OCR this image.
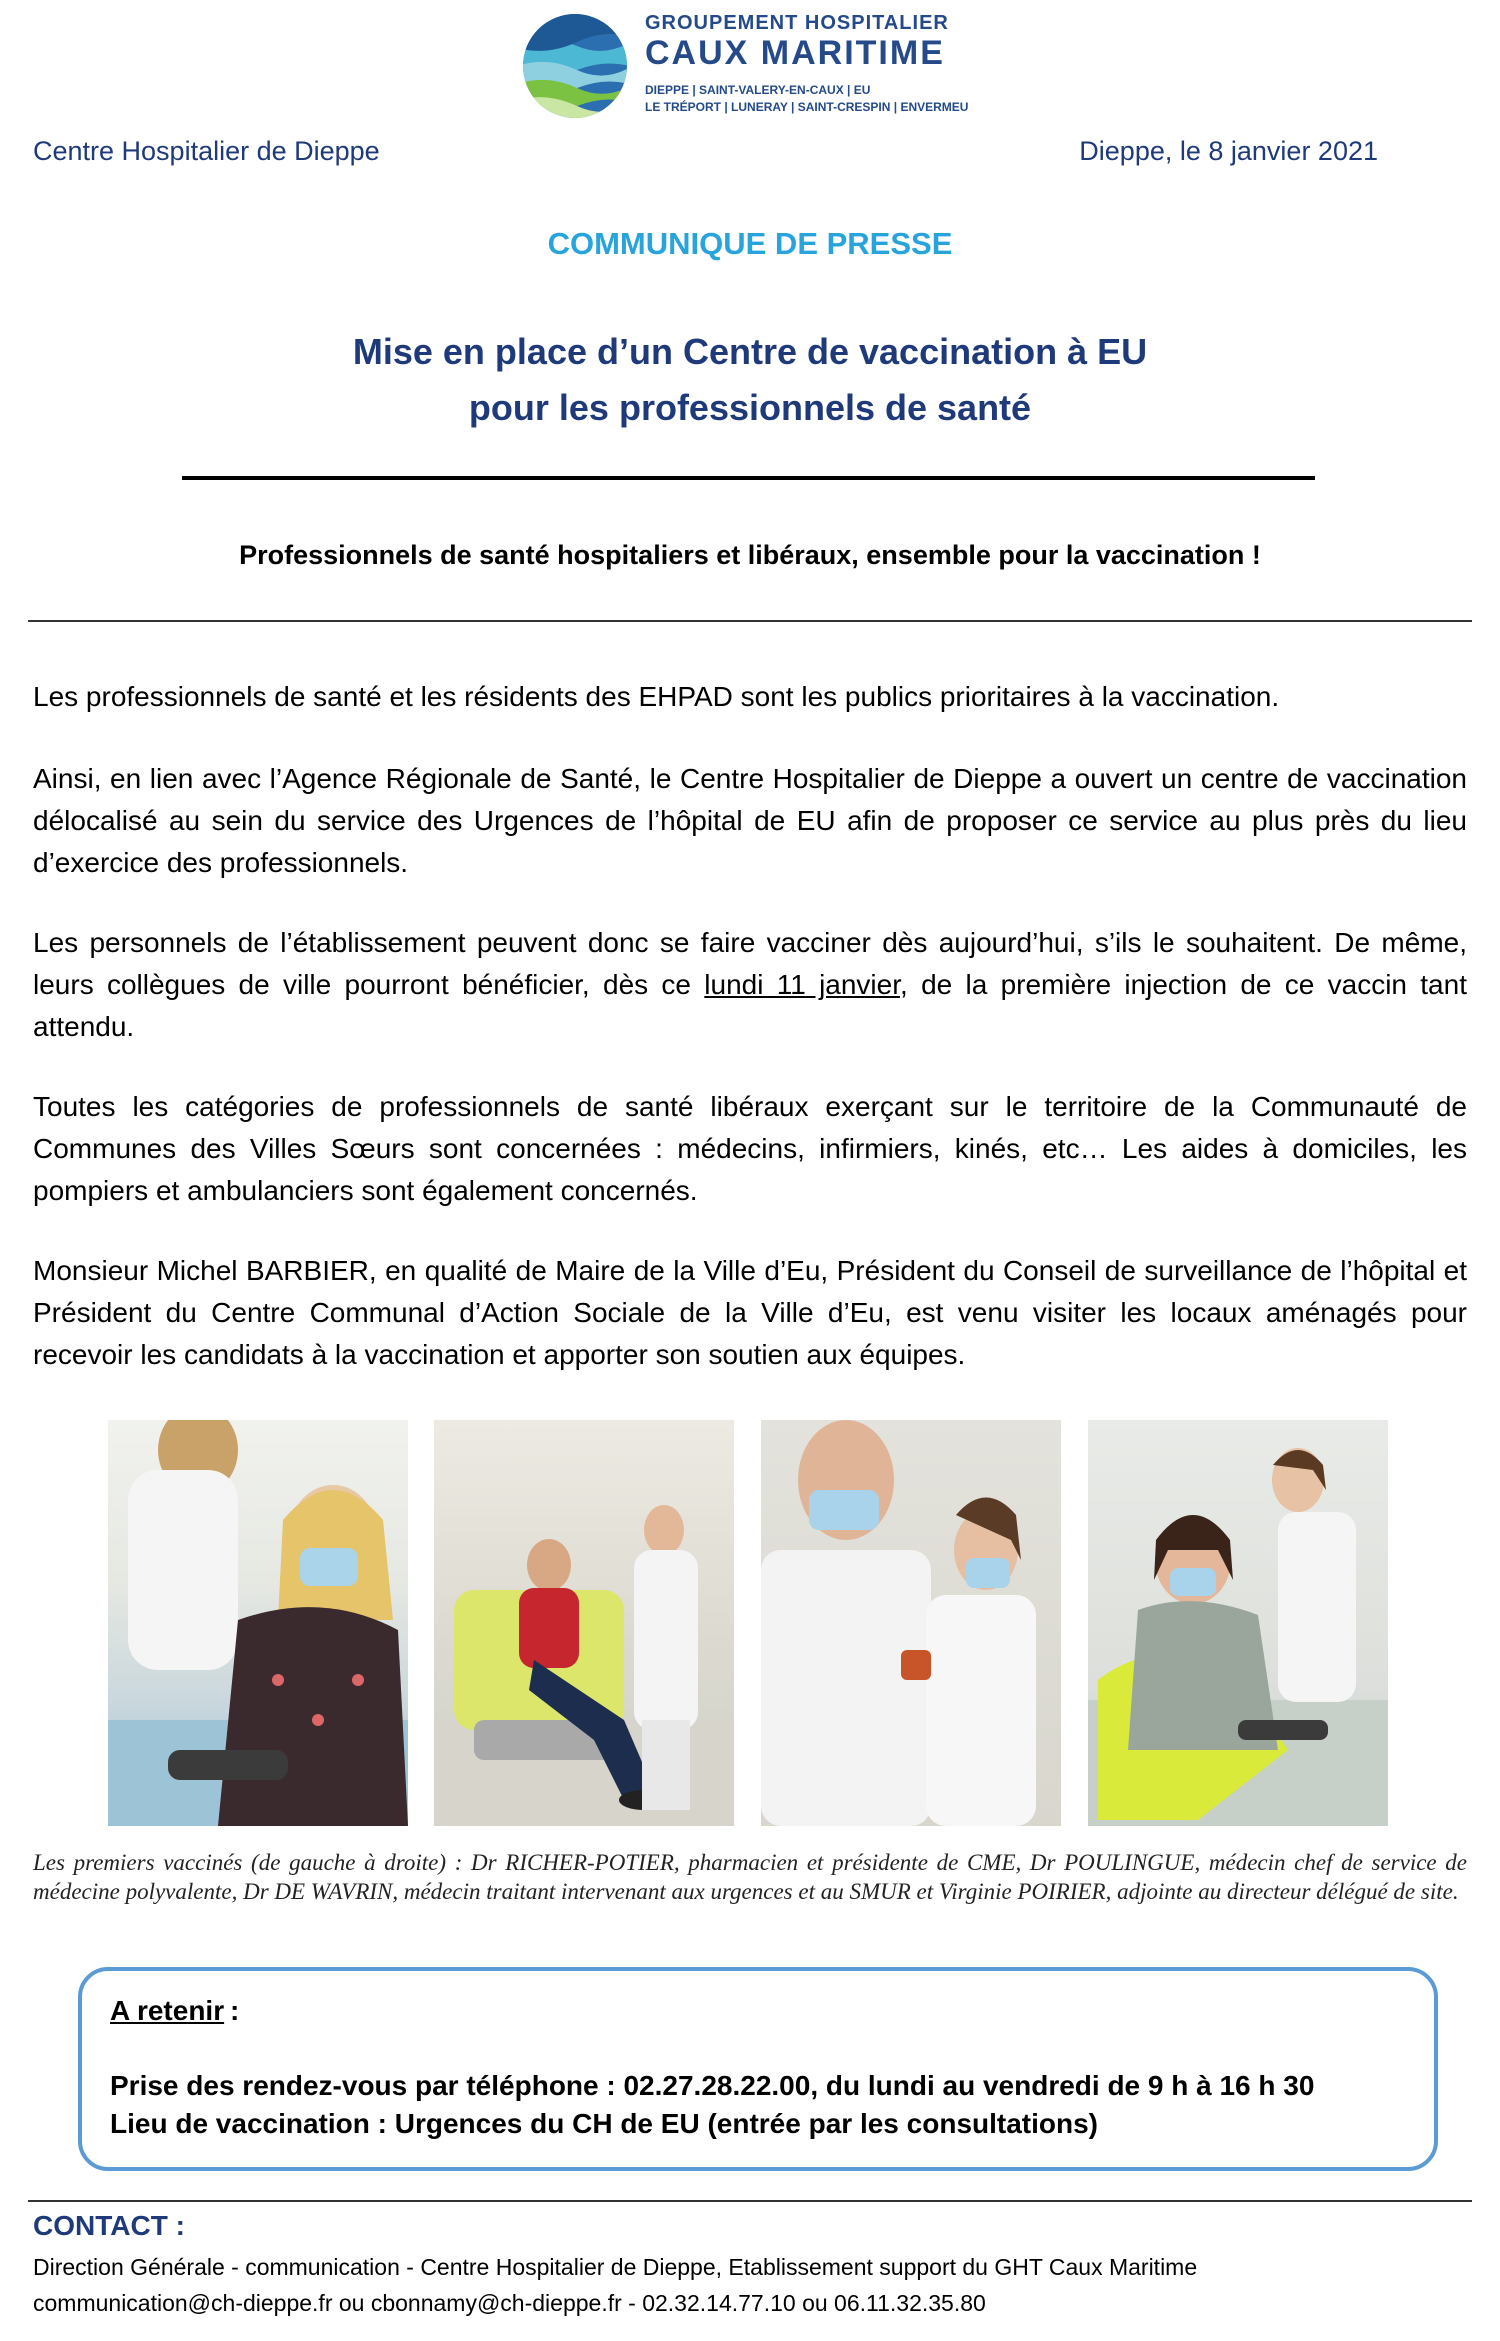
GROUPEMENT HOSPITALIER
CAUX MARITIME
DIEPPE | SAINT-VALERY-EN-CAUX | EU
LE TRÉPORT | LUNERAY | SAINT-CRESPIN | ENVERMEU
Centre Hospitalier de Dieppe	Dieppe, le 8 janvier 2021
COMMUNIQUE DE PRESSE
Mise en place d’un Centre de vaccination à EU
pour les professionnels de santé
Professionnels de santé hospitaliers et libéraux, ensemble pour la vaccination !
Les professionnels de santé et les résidents des EHPAD sont les publics prioritaires à la vaccination.
Ainsi, en lien avec l’Agence Régionale de Santé, le Centre Hospitalier de Dieppe a ouvert un centre de vaccination délocalisé au sein du service des Urgences de l’hôpital de EU afin de proposer ce service au plus près du lieu d’exercice des professionnels.
Les personnels de l’établissement peuvent donc se faire vacciner dès aujourd’hui, s’ils le souhaitent. De même, leurs collègues de ville pourront bénéficier, dès ce lundi 11 janvier, de la première injection de ce vaccin tant attendu.
Toutes les catégories de professionnels de santé libéraux exerçant sur le territoire de la Communauté de Communes des Villes Sœurs sont concernées : médecins, infirmiers, kinés, etc… Les aides à domiciles, les pompiers et ambulanciers sont également concernés.
Monsieur Michel BARBIER, en qualité de Maire de la Ville d’Eu, Président du Conseil de surveillance de l’hôpital et Président du Centre Communal d’Action Sociale de la Ville d’Eu, est venu visiter les locaux aménagés pour recevoir les candidats à la vaccination et apporter son soutien aux équipes.
Les premiers vaccinés (de gauche à droite) : Dr RICHER-POTIER, pharmacien et présidente de CME, Dr POULINGUE, médecin chef de service de médecine polyvalente, Dr DE WAVRIN, médecin traitant intervenant aux urgences et au SMUR et Virginie POIRIER, adjointe au directeur délégué de site.
A retenir :
Prise des rendez-vous par téléphone : 02.27.28.22.00, du lundi au vendredi de 9 h à 16 h 30
Lieu de vaccination : Urgences du CH de EU (entrée par les consultations)
CONTACT :
Direction Générale - communication - Centre Hospitalier de Dieppe, Etablissement support du GHT Caux Maritime
communication@ch-dieppe.fr ou cbonnamy@ch-dieppe.fr - 02.32.14.77.10 ou 06.11.32.35.80
